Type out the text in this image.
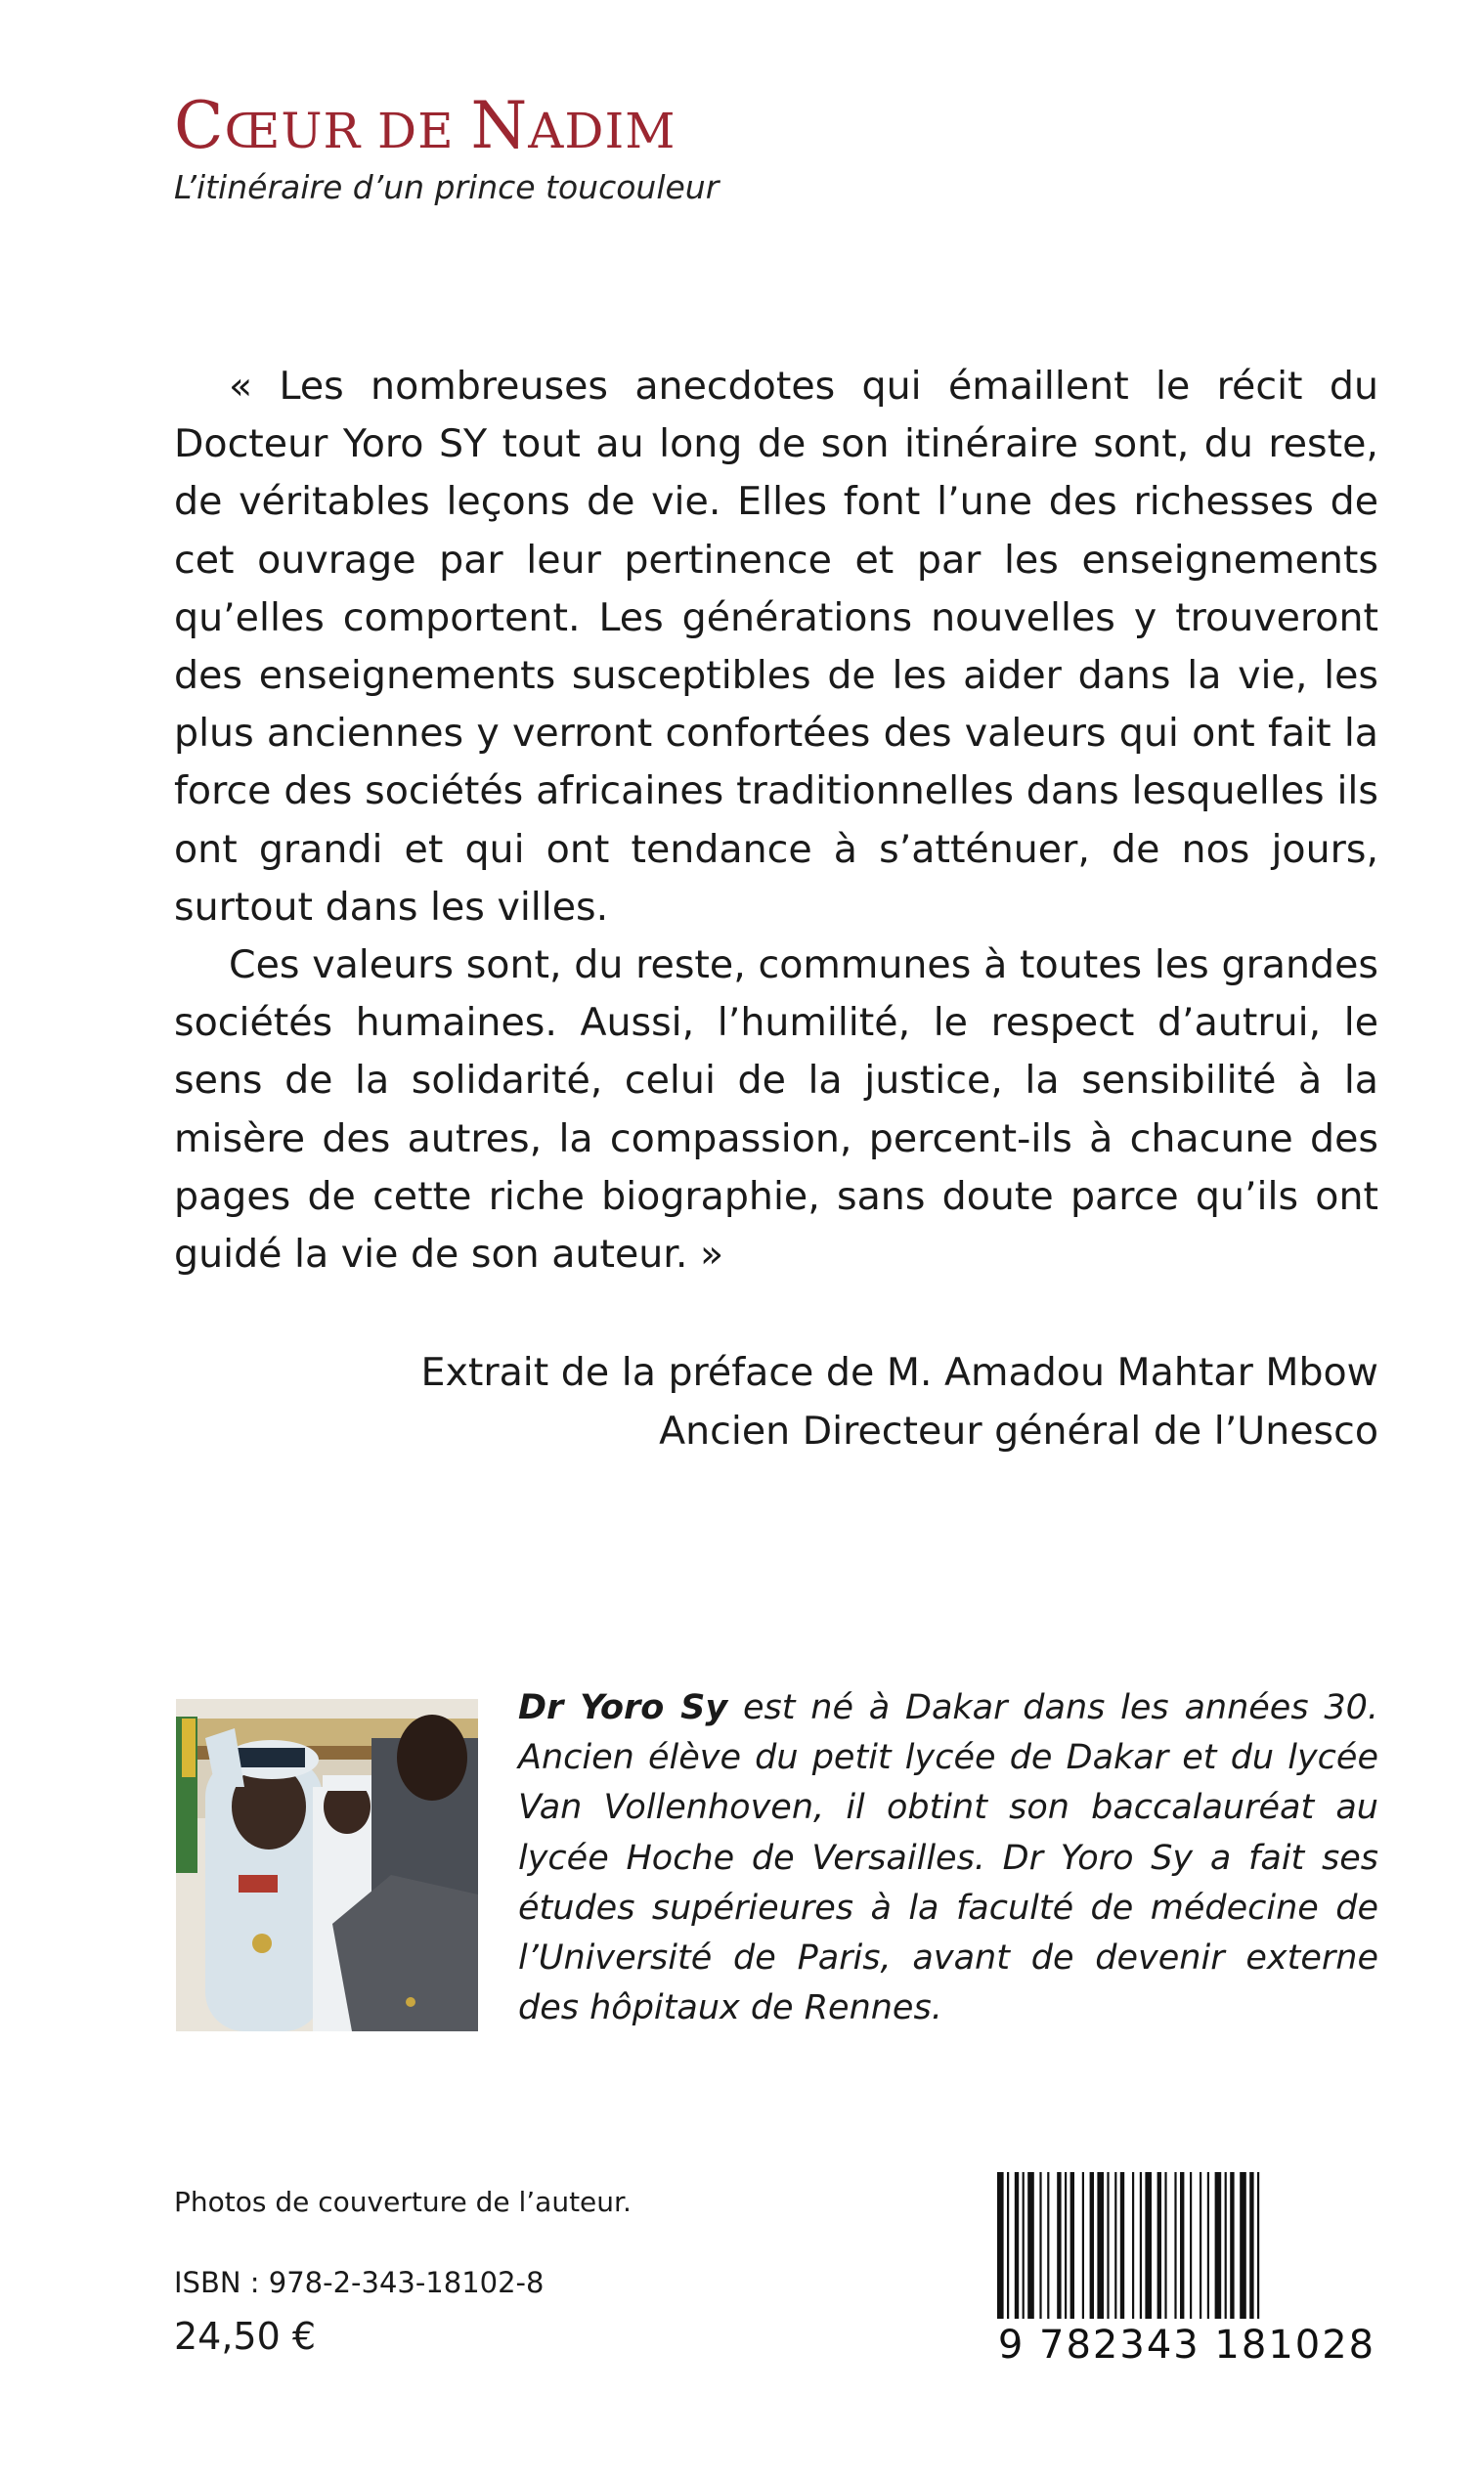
CŒUR DE NADIM
L’itinéraire d’un prince toucouleur

« Les nombreuses anecdotes qui émaillent le récit du Docteur Yoro SY tout au long de son itinéraire sont, du reste, de véritables leçons de vie. Elles font l’une des richesses de cet ouvrage par leur pertinence et par les enseignements qu’elles comportent. Les générations nouvelles y trouveront des enseignements susceptibles de les aider dans la vie, les plus anciennes y verront confortées des valeurs qui ont fait la force des sociétés africaines traditionnelles dans lesquelles ils ont grandi et qui ont tendance à s’atténuer, de nos jours, surtout dans les villes.

Ces valeurs sont, du reste, communes à toutes les grandes sociétés humaines. Aussi, l’humilité, le respect d’autrui, le sens de la solidarité, celui de la justice, la sensibilité à la misère des autres, la compassion, percent-ils à chacune des pages de cette riche biographie, sans doute parce qu’ils ont guidé la vie de son auteur. »

Extrait de la préface de M. Amadou Mahtar Mbow
Ancien Directeur général de l’Unesco
Dr Yoro Sy est né à Dakar dans les années 30. Ancien élève du petit lycée de Dakar et du lycée Van Vollenhoven, il obtint son baccalauréat au lycée Hoche de Versailles. Dr Yoro Sy a fait ses études supérieures à la faculté de médecine de l’Université de Paris, avant de devenir externe des hôpitaux de Rennes.
Photos de couverture de l’auteur.
ISBN : 978-2-343-18102-8
24,50 €	9 782343 181028
